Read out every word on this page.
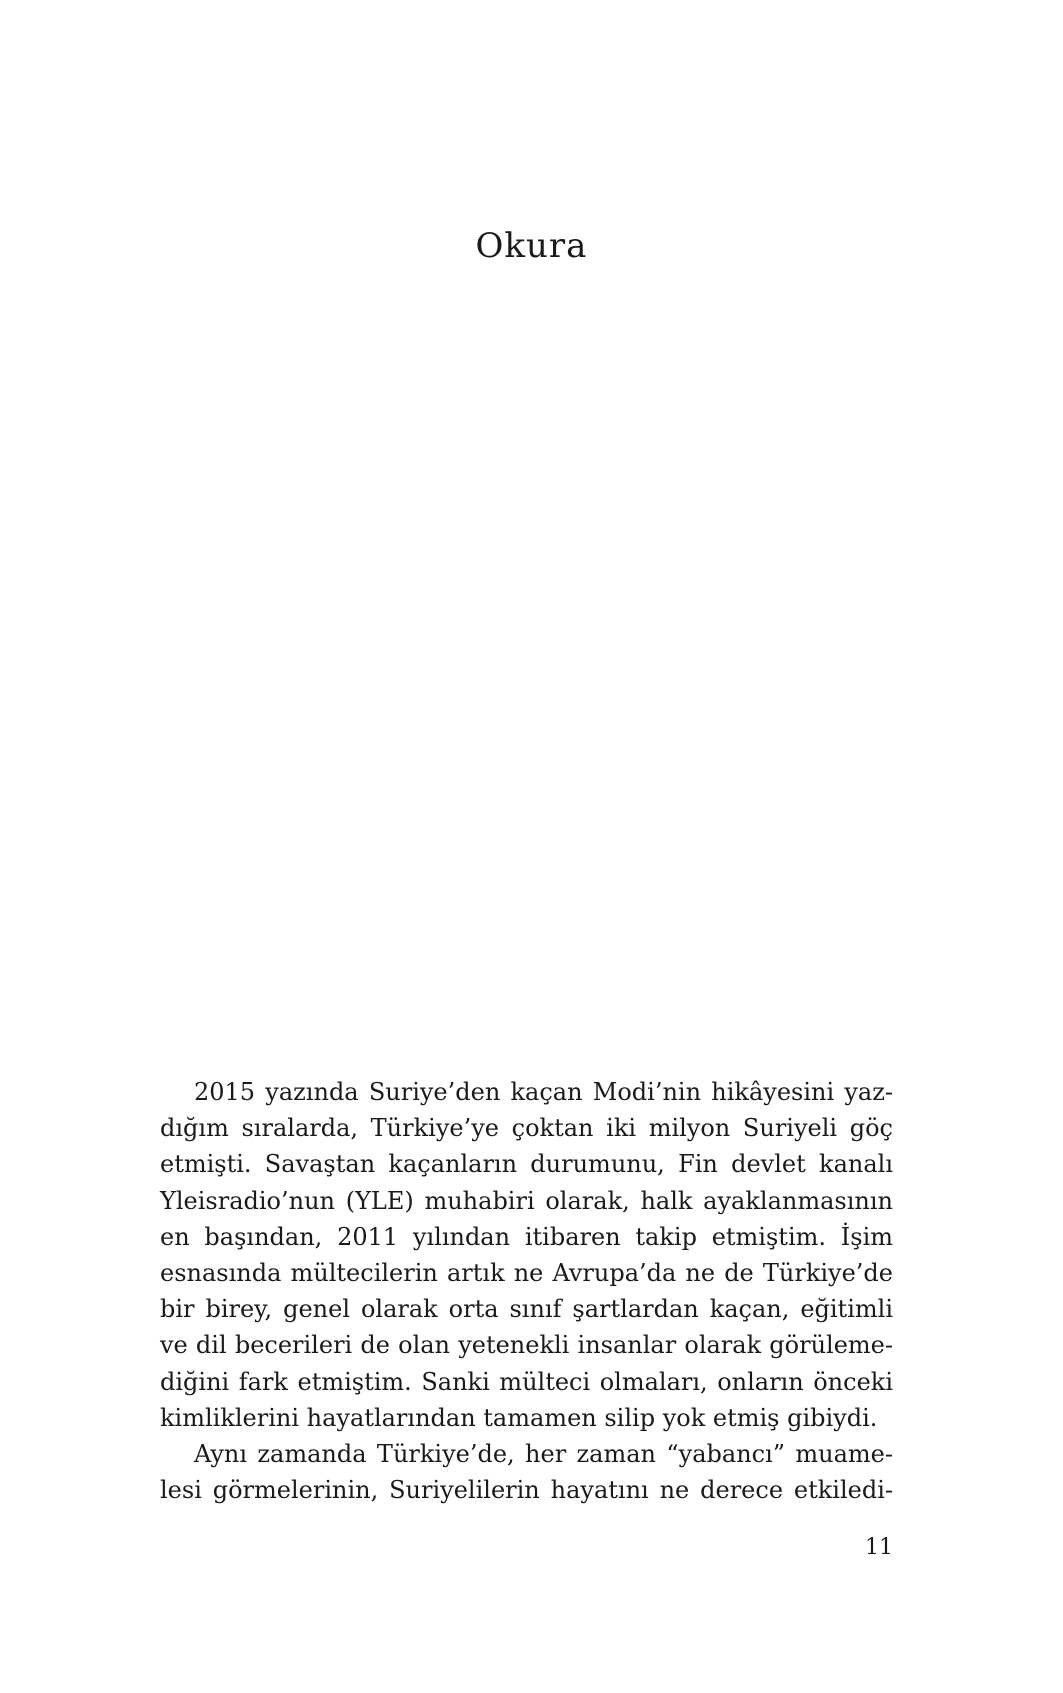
Okura
2015 yazında Suriye’den kaçan Modi’nin hikâyesini yaz-
dığım sıralarda, Türkiye’ye çoktan iki milyon Suriyeli göç
etmişti. Savaştan kaçanların durumunu, Fin devlet kanalı
Yleisradio’nun (YLE) muhabiri olarak, halk ayaklanmasının
en başından, 2011 yılından itibaren takip etmiştim. İşim
esnasında mültecilerin artık ne Avrupa’da ne de Türkiye’de
bir birey, genel olarak orta sınıf şartlardan kaçan, eğitimli
ve dil becerileri de olan yetenekli insanlar olarak görüleme-
diğini fark etmiştim. Sanki mülteci olmaları, onların önceki
kimliklerini hayatlarından tamamen silip yok etmiş gibiydi.
Aynı zamanda Türkiye’de, her zaman “yabancı” muame-
lesi görmelerinin, Suriyelilerin hayatını ne derece etkiledi-
11
